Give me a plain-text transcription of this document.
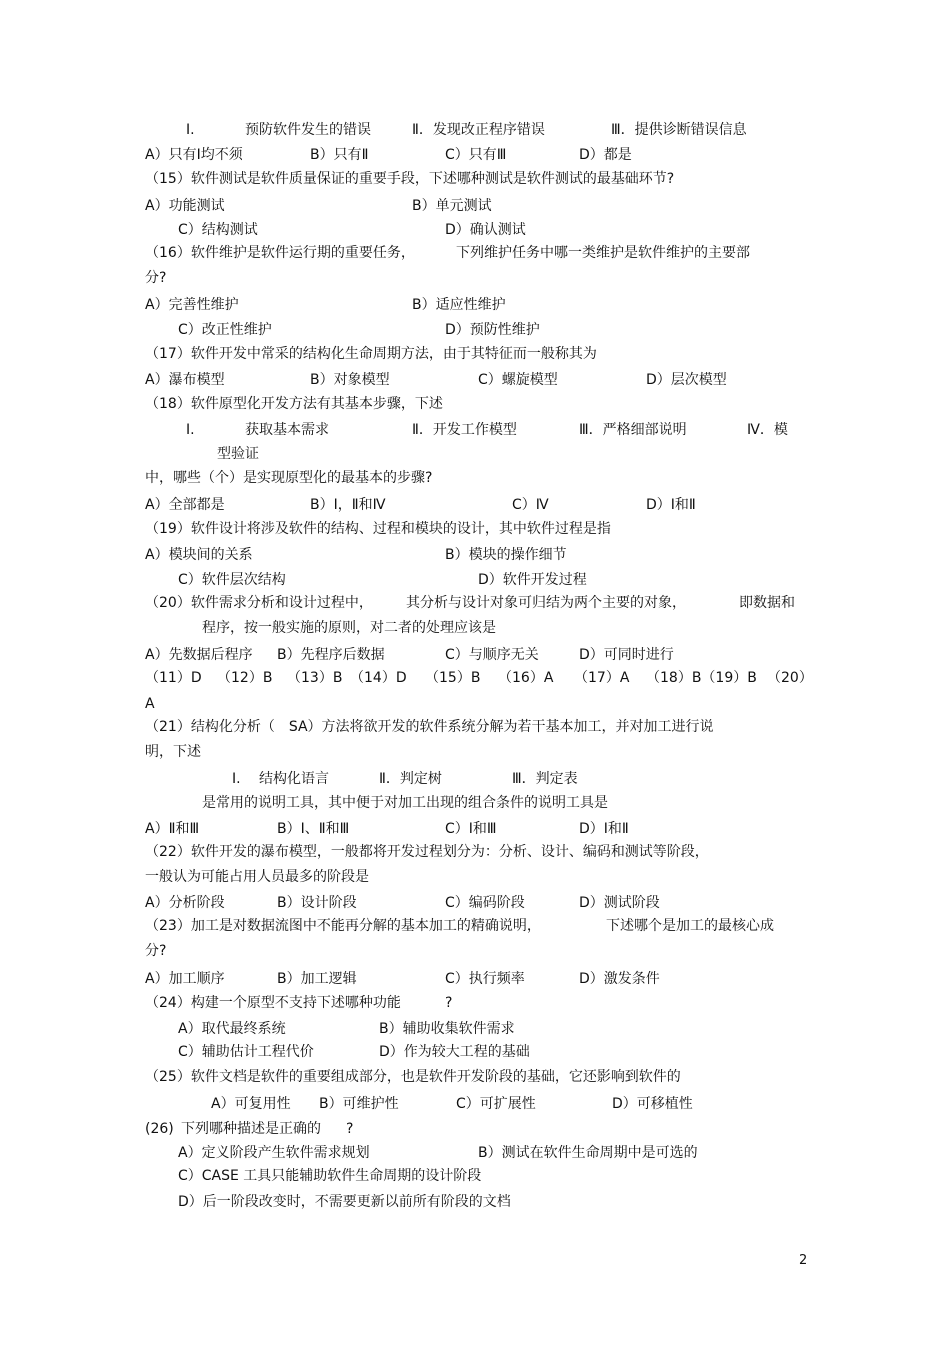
I.	预防软件发生的错误	Ⅱ．发现改正程序错误	Ⅲ．提供诊断错误信息
A）只有Ⅰ均不须	B）只有Ⅱ	C）只有Ⅲ	D）都是
（15）软件测试是软件质量保证的重要手段，下述哪种测试是软件测试的最基础环节?
A）功能测试	B）单元测试
C）结构测试	D）确认测试
（16）软件维护是软件运行期的重要任务，	下列维护任务中哪一类维护是软件维护的主要部
分?
A）完善性维护	B）适应性维护
C）改正性维护	D）预防性维护
（17）软件开发中常采的结构化生命周期方法，由于其特征而一般称其为
A）瀑布模型	B）对象模型	C）螺旋模型	D）层次模型
（18）软件原型化开发方法有其基本步骤，下述
I.	获取基本需求	Ⅱ．开发工作模型	Ⅲ．严格细部说明	Ⅳ．模
型验证
中，哪些（个）是实现原型化的最基本的步骤?
A）全部都是	B）Ⅰ，Ⅱ和Ⅳ	C）Ⅳ	D）Ⅰ和Ⅱ
（19）软件设计将涉及软件的结构、过程和模块的设计，其中软件过程是指
A）模块间的关系	B）模块的操作细节
C）软件层次结构	D）软件开发过程
（20）软件需求分析和设计过程中， 其分析与设计对象可归结为两个主要的对象，	即数据和
程序，按一般实施的原则，对二者的处理应该是
A）先数据后程序 B）先程序后数据	C）与顺序无关	D）可同时进行
（11）D （12）B （13）B （14）D （15）B （16）A （17）A （18）B（19）B （20）
A
（21）结构化分析（　SA）方法将欲开发的软件系统分解为若干基本加工，并对加工进行说
明，下述
I. 结构化语言	Ⅱ．判定树	Ⅲ．判定表
是常用的说明工具，其中便于对加工出现的组合条件的说明工具是
A）Ⅱ和Ⅲ	B）Ⅰ、Ⅱ和Ⅲ	C）Ⅰ和Ⅲ	D）Ⅰ和Ⅱ
（22）软件开发的瀑布模型，一般都将开发过程划分为：分析、设计、编码和测试等阶段，
一般认为可能占用人员最多的阶段是
A）分析阶段	B）设计阶段	C）编码阶段	D）测试阶段
（23）加工是对数据流图中不能再分解的基本加工的精确说明，	下述哪个是加工的最核心成
分?
A）加工顺序	B）加工逻辑	C）执行频率	D）激发条件
（24）构建一个原型不支持下述哪种功能	?
A）取代最终系统	B）辅助收集软件需求
C）辅助估计工程代价	D）作为较大工程的基础
（25）软件文档是软件的重要组成部分，也是软件开发阶段的基础，它还影响到软件的
A）可复用性 B）可维护性	C）可扩展性	D）可移植性
(26) 下列哪种描述是正确的 ?
A）定义阶段产生软件需求规划	B）测试在软件生命周期中是可选的
C）CASE 工具只能辅助软件生命周期的设计阶段
D）后一阶段改变时，不需要更新以前所有阶段的文档
2
